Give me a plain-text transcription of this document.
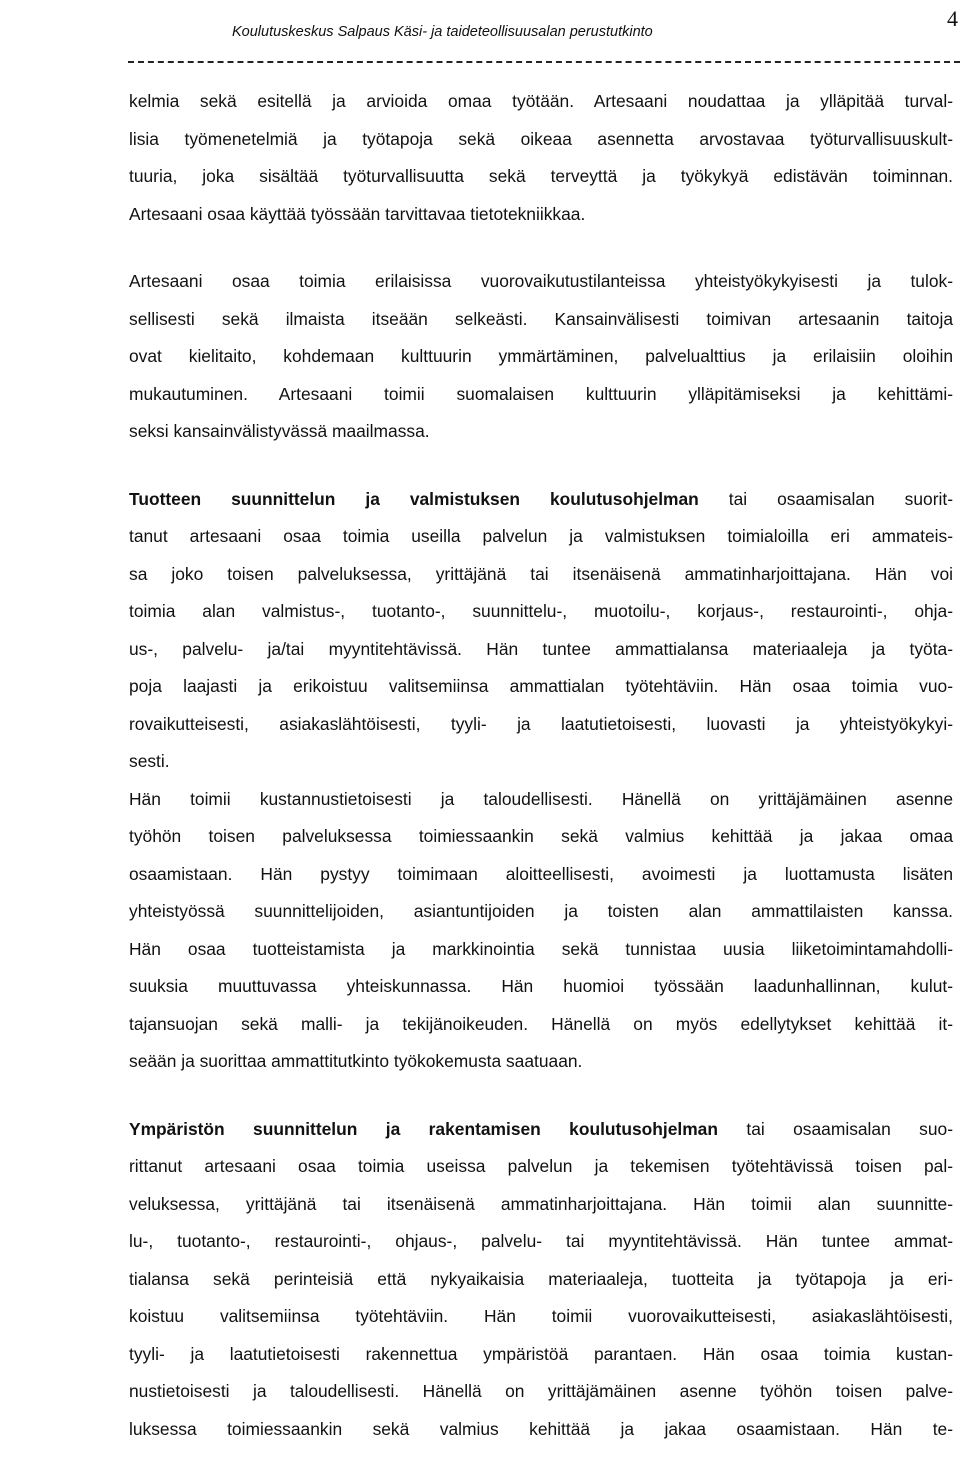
4
Koulutuskeskus Salpaus Käsi- ja taideteollisuusalan perustutkinto

kelmia sekä esitellä ja arvioida omaa työtään. Artesaani noudattaa ja ylläpitää turval-
lisia työmenetelmiä ja työtapoja sekä oikeaa asennetta arvostavaa työturvallisuuskult-
tuuria, joka sisältää työturvallisuutta sekä terveyttä ja työkykyä edistävän toiminnan.
Artesaani osaa käyttää työssään tarvittavaa tietotekniikkaa.

Artesaani osaa toimia erilaisissa vuorovaikutustilanteissa yhteistyökykyisesti ja tulok-
sellisesti sekä ilmaista itseään selkeästi. Kansainvälisesti toimivan artesaanin taitoja
ovat kielitaito, kohdemaan kulttuurin ymmärtäminen, palvelualttius ja erilaisiin oloihin
mukautuminen. Artesaani toimii suomalaisen kulttuurin ylläpitämiseksi ja kehittämi-
seksi kansainvälistyvässä maailmassa.

Tuotteen suunnittelun ja valmistuksen koulutusohjelman tai osaamisalan suorit-
tanut artesaani osaa toimia useilla palvelun ja valmistuksen toimialoilla eri ammateis-
sa joko toisen palveluksessa, yrittäjänä tai itsenäisenä ammatinharjoittajana. Hän voi
toimia alan valmistus-, tuotanto-, suunnittelu-, muotoilu-, korjaus-, restaurointi-, ohja-
us-, palvelu- ja/tai myyntitehtävissä. Hän tuntee ammattialansa materiaaleja ja työta-
poja laajasti ja erikoistuu valitsemiinsa ammattialan työtehtäviin. Hän osaa toimia vuo-
rovaikutteisesti, asiakaslähtöisesti, tyyli- ja laatutietoisesti, luovasti ja yhteistyökykyi-
sesti.
Hän toimii kustannustietoisesti ja taloudellisesti. Hänellä on yrittäjämäinen asenne
työhön toisen palveluksessa toimiessaankin sekä valmius kehittää ja jakaa omaa
osaamistaan. Hän pystyy toimimaan aloitteellisesti, avoimesti ja luottamusta lisäten
yhteistyössä suunnittelijoiden, asiantuntijoiden ja toisten alan ammattilaisten kanssa.
Hän osaa tuotteistamista ja markkinointia sekä tunnistaa uusia liiketoimintamahdolli-
suuksia muuttuvassa yhteiskunnassa. Hän huomioi työssään laadunhallinnan, kulut-
tajansuojan sekä malli- ja tekijänoikeuden. Hänellä on myös edellytykset kehittää it-
seään ja suorittaa ammattitutkinto työkokemusta saatuaan.

Ympäristön suunnittelun ja rakentamisen koulutusohjelman tai osaamisalan suo-
rittanut artesaani osaa toimia useissa palvelun ja tekemisen työtehtävissä toisen pal-
veluksessa, yrittäjänä tai itsenäisenä ammatinharjoittajana. Hän toimii alan suunnitte-
lu-, tuotanto-, restaurointi-, ohjaus-, palvelu- tai myyntitehtävissä. Hän tuntee ammat-
tialansa sekä perinteisiä että nykyaikaisia materiaaleja, tuotteita ja työtapoja ja eri-
koistuu valitsemiinsa työtehtäviin. Hän toimii vuorovaikutteisesti, asiakaslähtöisesti,
tyyli- ja laatutietoisesti rakennettua ympäristöä parantaen. Hän osaa toimia kustan-
nustietoisesti ja taloudellisesti. Hänellä on yrittäjämäinen asenne työhön toisen palve-
luksessa toimiessaankin sekä valmius kehittää ja jakaa osaamistaan. Hän te-
